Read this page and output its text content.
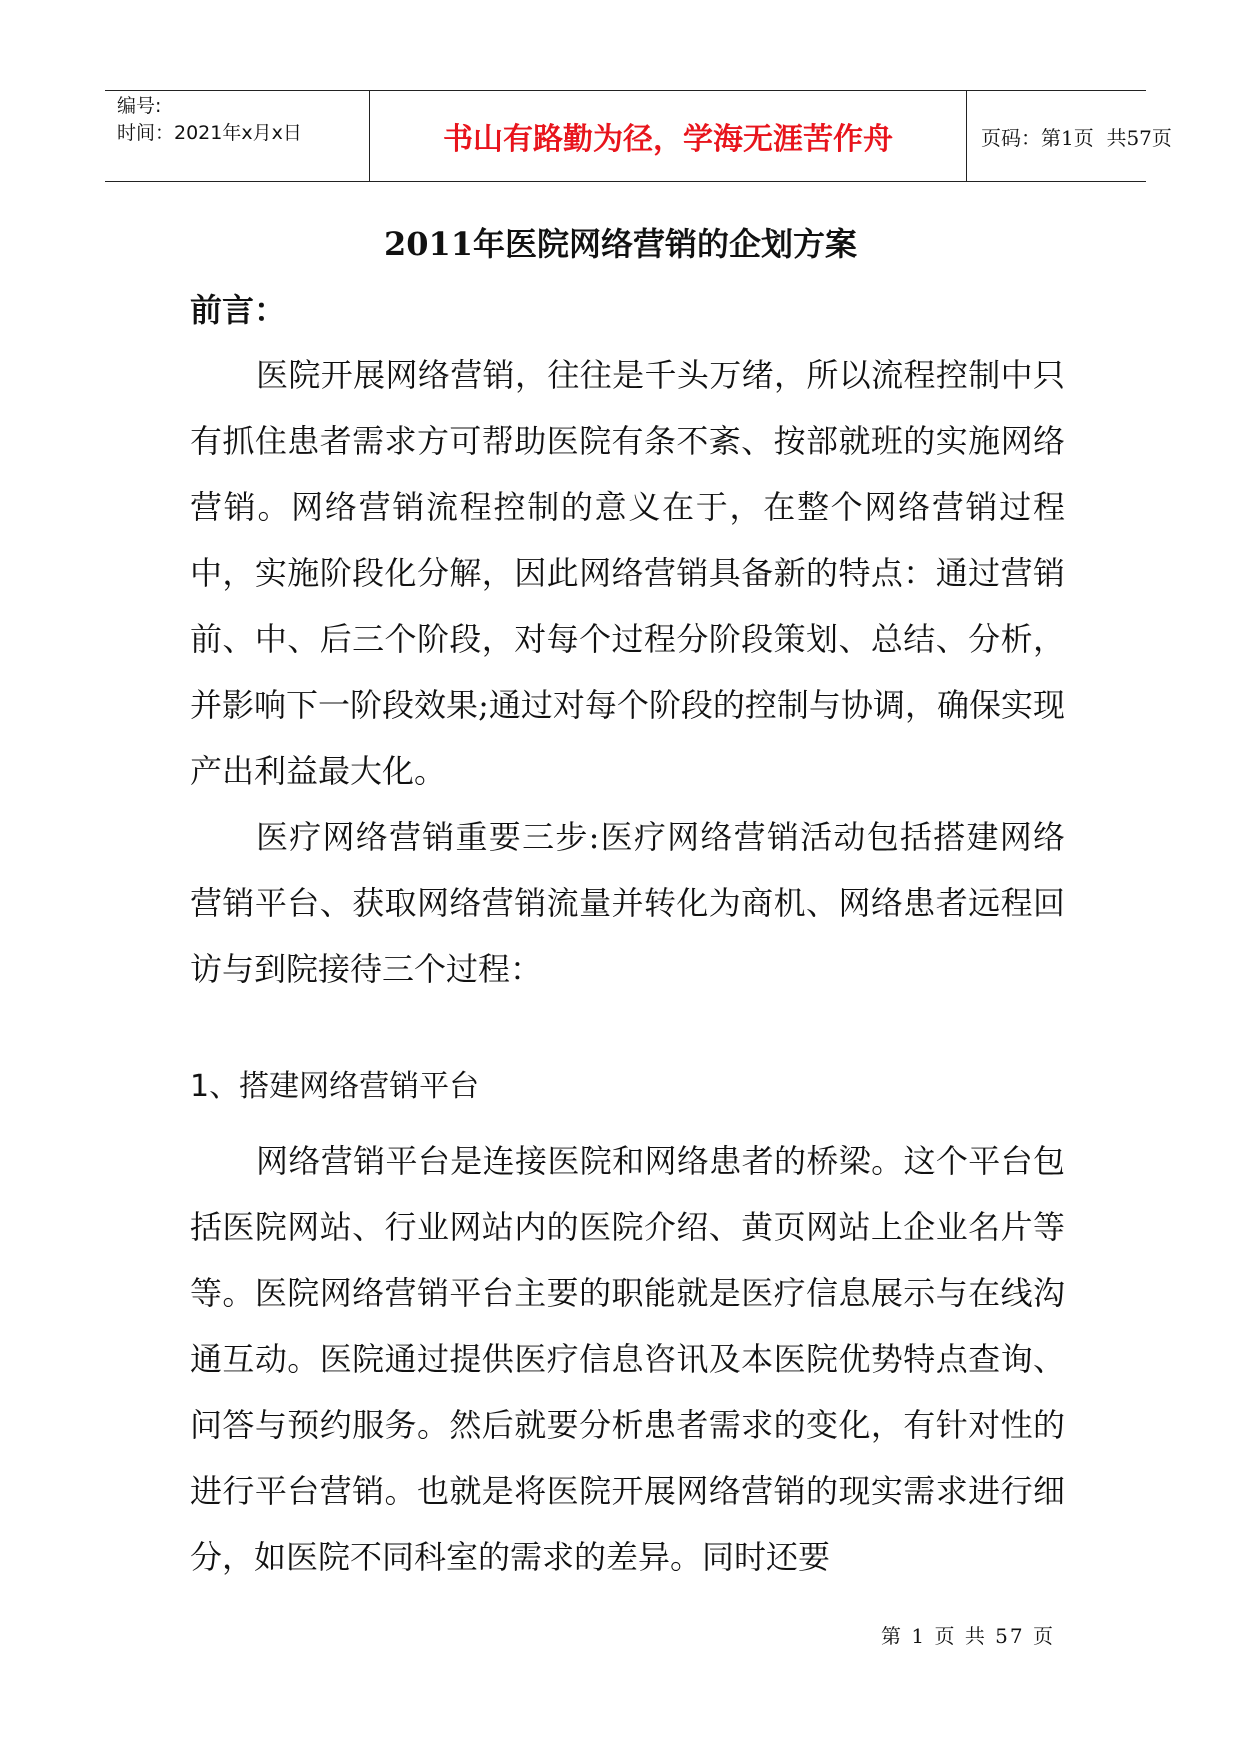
编号:
时间：2021年x月x日	书山有路勤为径，学海无涯苦作舟	页码：第1页  共57页
2011年医院网络营销的企划方案
前言：

医院开展网络营销，往往是千头万绪，所以流程控制中只有抓住患者需求方可帮助医院有条不紊、按部就班的实施网络营销。网络营销流程控制的意义在于，在整个网络营销过程中，实施阶段化分解，因此网络营销具备新的特点：通过营销前、中、后三个阶段，对每个过程分阶段策划、总结、分析，并影响下一阶段效果;通过对每个阶段的控制与协调，确保实现产出利益最大化。

医疗网络营销重要三步:医疗网络营销活动包括搭建网络营销平台、获取网络营销流量并转化为商机、网络患者远程回访与到院接待三个过程：

1、搭建网络营销平台

网络营销平台是连接医院和网络患者的桥梁。这个平台包括医院网站、行业网站内的医院介绍、黄页网站上企业名片等等。医院网络营销平台主要的职能就是医疗信息展示与在线沟通互动。医院通过提供医疗信息咨讯及本医院优势特点查询、问答与预约服务。然后就要分析患者需求的变化，有针对性的进行平台营销。也就是将医院开展网络营销的现实需求进行细分，如医院不同科室的需求的差异。同时还要

第 1 页 共 57 页
